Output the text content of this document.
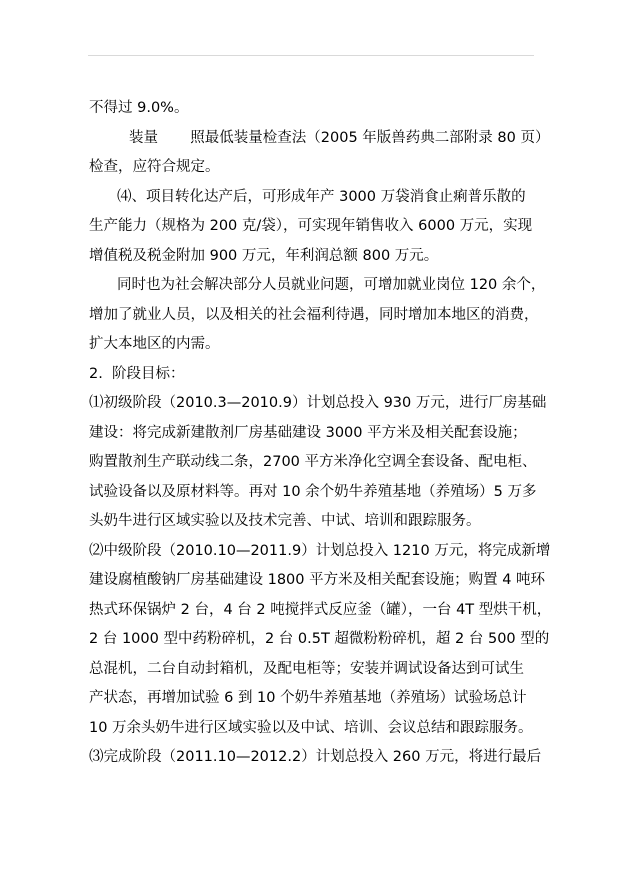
不得过 9.0%。
装量       照最低装量检查法（2005 年版兽药典二部附录 80 页）
检查，应符合规定。
⑷、项目转化达产后，可形成年产 3000 万袋消食止痢普乐散的
生产能力（规格为 200 克/袋），可实现年销售收入 6000 万元，实现
增值税及税金附加 900 万元，年利润总额 800 万元。
同时也为社会解决部分人员就业问题，可增加就业岗位 120 余个，
增加了就业人员，以及相关的社会福利待遇，同时增加本地区的消费，
扩大本地区的内需。
2.  阶段目标：
⑴初级阶段（2010.3—2010.9）计划总投入 930 万元，进行厂房基础
建设：将完成新建散剂厂房基础建设 3000 平方米及相关配套设施；
购置散剂生产联动线二条，2700 平方米净化空调全套设备、配电柜、
试验设备以及原材料等。再对 10 余个奶牛养殖基地（养殖场）5 万多
头奶牛进行区域实验以及技术完善、中试、培训和跟踪服务。
⑵中级阶段（2010.10—2011.9）计划总投入 1210 万元，将完成新增
建设腐植酸钠厂房基础建设 1800 平方米及相关配套设施；购置 4 吨环
热式环保锅炉 2 台，4 台 2 吨搅拌式反应釜（罐），一台 4T 型烘干机，
2 台 1000 型中药粉碎机，2 台 0.5T 超微粉粉碎机，超 2 台 500 型的
总混机，二台自动封箱机，及配电柜等；安装并调试设备达到可试生
产状态，再增加试验 6 到 10 个奶牛养殖基地（养殖场）试验场总计
10 万余头奶牛进行区域实验以及中试、培训、会议总结和跟踪服务。
⑶完成阶段（2011.10—2012.2）计划总投入 260 万元，将进行最后
